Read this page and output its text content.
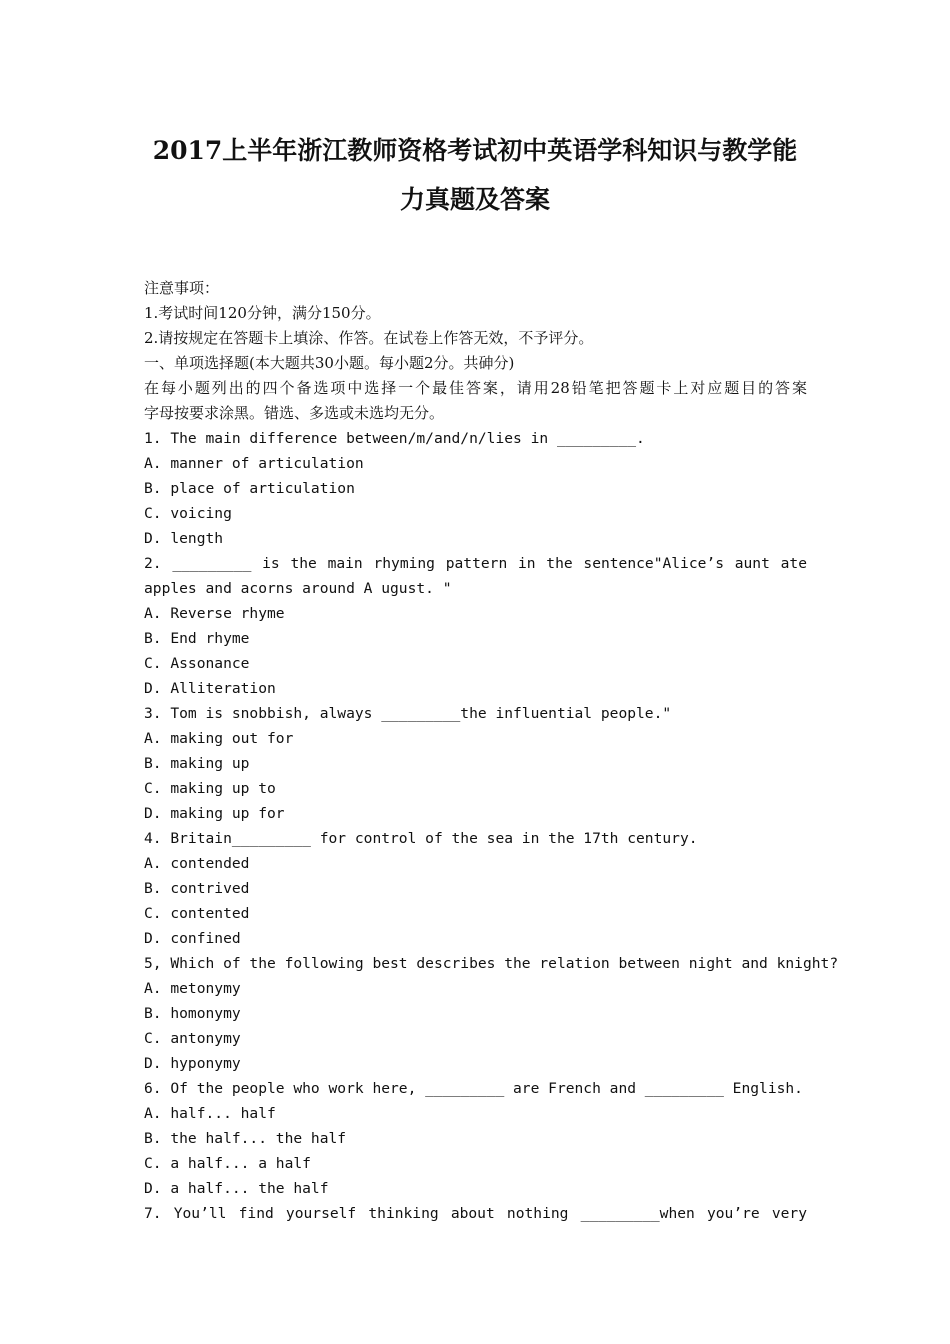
2017上半年浙江教师资格考试初中英语学科知识与教学能
力真题及答案
注意事项：
1.考试时间120分钟，满分150分。
2.请按规定在答题卡上填涂、作答。在试卷上作答无效，不予评分。
一、单项选择题(本大题共30小题。每小题2分。共砷分)
在每小题列出的四个备选项中选择一个最佳答案，请用28铅笔把答题卡上对应题目的答案
字母按要求涂黑。错选、多选或未选均无分。
1. The main difference between/m/and/n/lies in _________.
A. manner of articulation
B. place of articulation
C. voicing
D. length
2. _________ is the main rhyming pattern in the sentence"Alice’s aunt ate
apples and acorns around A ugust. "
A. Reverse rhyme
B. End rhyme
C. Assonance
D. Alliteration
3. Tom is snobbish, always _________the influential people."
A. making out for
B. making up
C. making up to
D. making up for
4. Britain_________ for control of the sea in the 17th century.
A. contended
B. contrived
C. contented
D. confined
5, Which of the following best describes the relation between night and knight?
A. metonymy
B. homonymy
C. antonymy
D. hyponymy
6. Of the people who work here, _________ are French and _________ English.
A. half... half
B. the half... the half
C. a half... a half
D. a half... the half
7. You’ll find yourself thinking about nothing _________when you’re very
